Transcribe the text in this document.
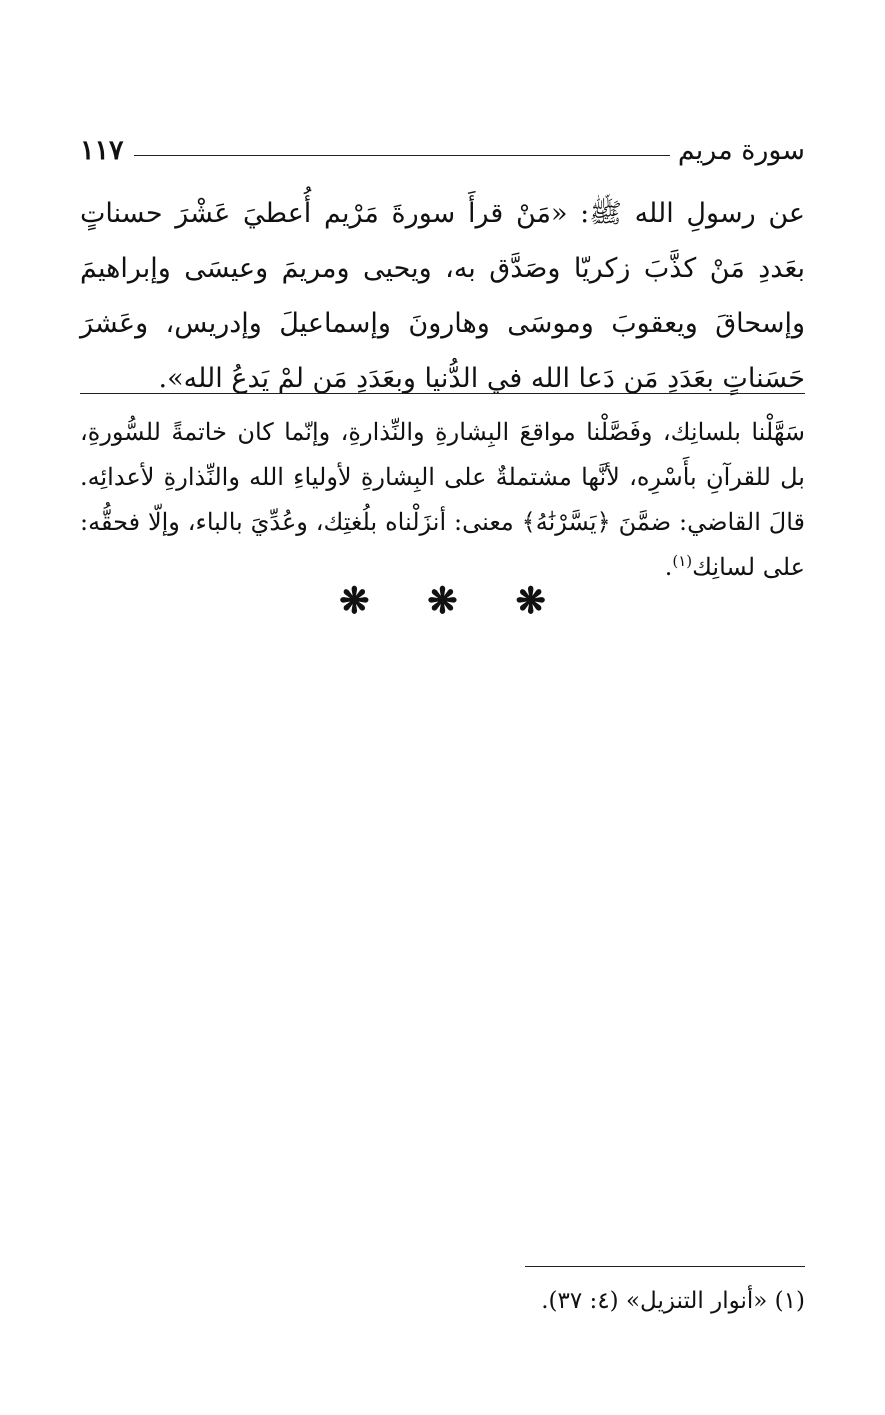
سورة مريم
١١٧

عن رسولِ الله ﷺ: «مَنْ قرأَ سورةَ مَرْيم أُعطيَ عَشْرَ حسناتٍ بعَددِ مَنْ كذَّبَ زكريّا وصَدَّق به، ويحيى ومريمَ وعيسَى وإبراهيمَ وإسحاقَ ويعقوبَ وموسَى وهارونَ وإسماعيلَ وإدريس، وعَشرَ حَسَناتٍ بعَدَدِ مَن دَعا الله في الدُّنيا وبعَدَدِ مَن لمْ يَدعُ الله».

سَهَّلْنا بلسانِك، وفَصَّلْنا مواقعَ البِشارةِ والنِّذارةِ، وإنّما كان خاتمةً للسُّورةِ، بل للقرآنِ بأَسْرِه، لأنَّها مشتملةٌ على البِشارةِ لأولياءِ الله والنِّذارةِ لأعدائِه. قالَ القاضي: ضمَّنَ ﴿يَسَّرْنَٰهُ﴾ معنى: أنزَلْناه بلُغتِك، وعُدِّيَ بالباء، وإلّا فحقُّه: على لسانِك$^{(١)}$.

❋
❋
❋

(١) «أنوار التنزيل» (٤: ٣٧).
